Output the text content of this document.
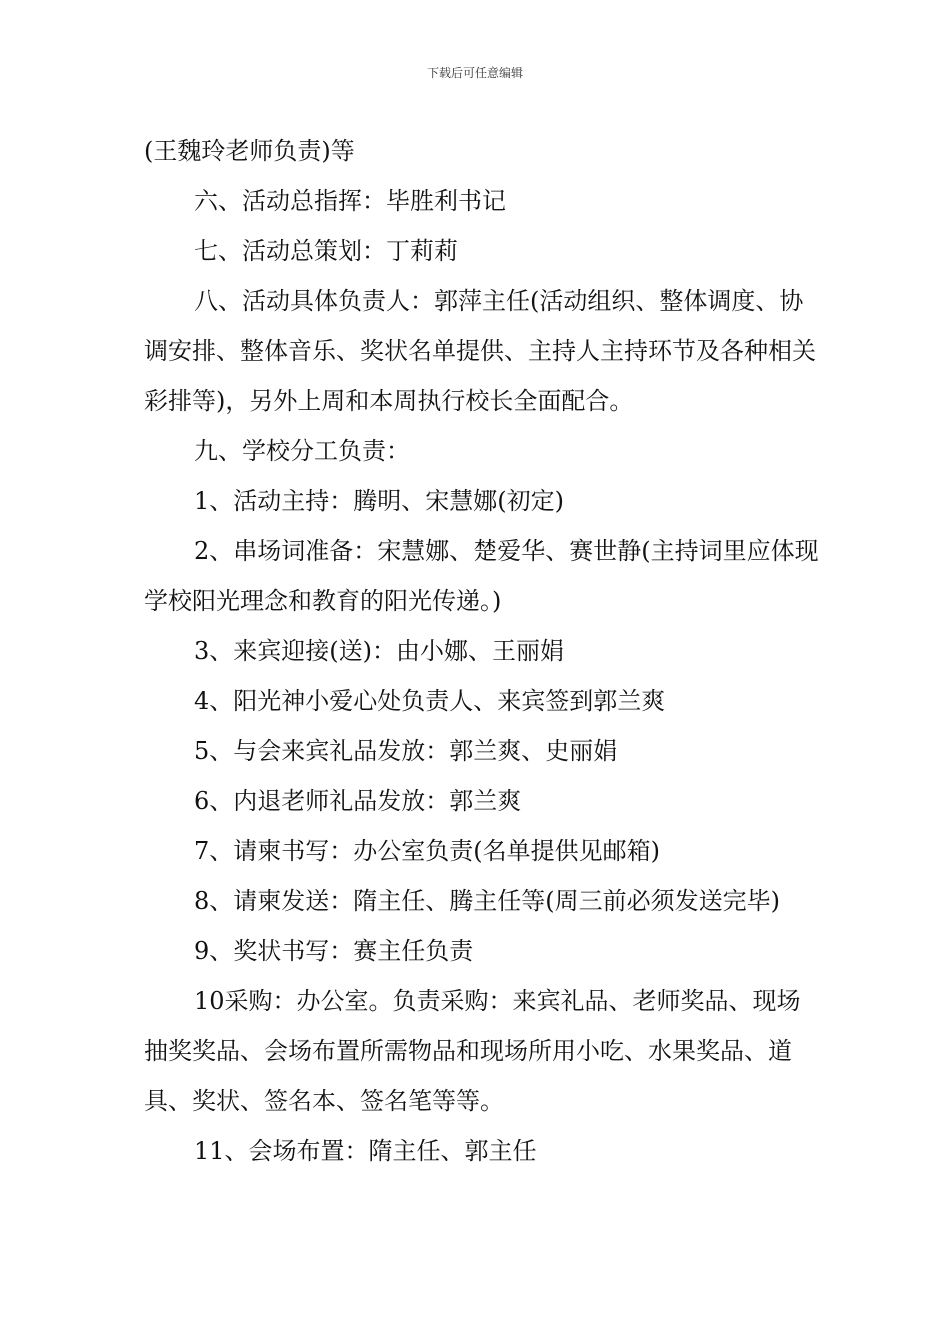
下载后可任意编辑

(王魏玲老师负责)等

六、活动总指挥：毕胜利书记

七、活动总策划：丁莉莉

八、活动具体负责人：郭萍主任(活动组织、整体调度、协调安排、整体音乐、奖状名单提供、主持人主持环节及各种相关彩排等)，另外上周和本周执行校长全面配合。

九、学校分工负责：

1、活动主持：腾明、宋慧娜(初定)

2、串场词准备：宋慧娜、楚爱华、赛世静(主持词里应体现学校阳光理念和教育的阳光传递。)

3、来宾迎接(送)：由小娜、王丽娟

4、阳光神小爱心处负责人、来宾签到郭兰爽

5、与会来宾礼品发放：郭兰爽、史丽娟

6、内退老师礼品发放：郭兰爽

7、请柬书写：办公室负责(名单提供见邮箱)

8、请柬发送：隋主任、腾主任等(周三前必须发送完毕)

9、奖状书写：赛主任负责

10采购：办公室。负责采购：来宾礼品、老师奖品、现场抽奖奖品、会场布置所需物品和现场所用小吃、水果奖品、道具、奖状、签名本、签名笔等等。

11、会场布置：隋主任、郭主任
